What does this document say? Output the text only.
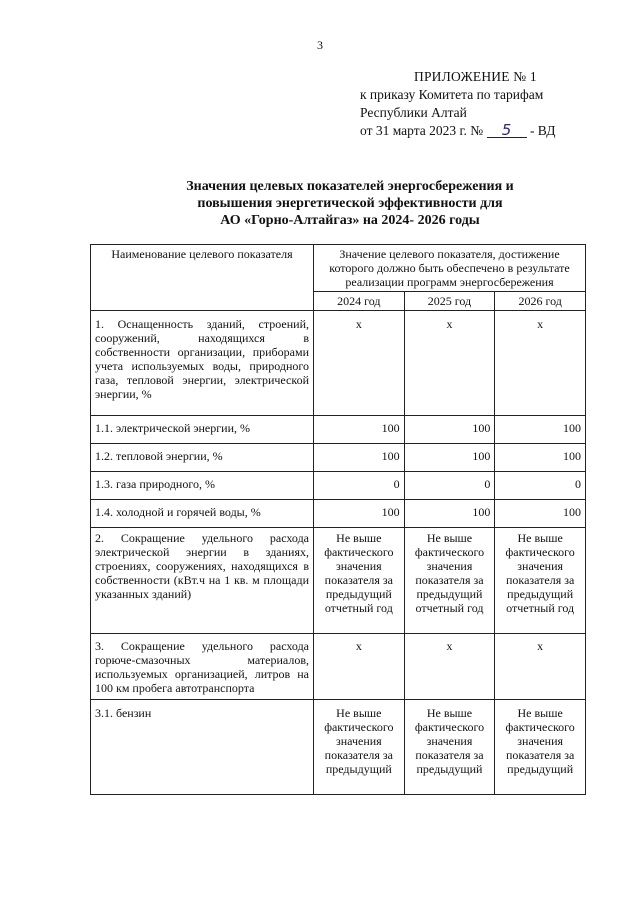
3
ПРИЛОЖЕНИЕ № 1
к приказу Комитета по тарифам
Республики Алтай
от 31 марта 2023 г. № 5 - ВД
Значения целевых показателей энергосбережения и
повышения энергетической эффективности для
АО «Горно-Алтайгаз» на 2024- 2026 годы
Наименование целевого показателя	Значение целевого показателя, достижение которого должно быть обеспечено в результате реализации программ энергосбережения		
	2024 год	2025 год	2026 год
1. Оснащенность зданий, строений, сооружений, находящихся в собственности организации, приборами учета используемых воды, природного газа, тепловой энергии, электрической энергии, %	x	x	x
1.1. электрической энергии, %	100	100	100
1.2. тепловой энергии, %	100	100	100
1.3. газа природного, %	0	0	0
1.4. холодной и горячей воды, %	100	100	100
2. Сокращение удельного расхода электрической энергии в зданиях, строениях, сооружениях, находящихся в собственности (кВт.ч на 1 кв. м площади указанных зданий)	Не выше фактического значения показателя за предыдущий отчетный год	Не выше фактического значения показателя за предыдущий отчетный год	Не выше фактического значения показателя за предыдущий отчетный год
3. Сокращение удельного расхода горюче-смазочных материалов, используемых организацией, литров на 100 км пробега автотранспорта	x	x	x
3.1. бензин	Не выше фактического значения показателя за предыдущий	Не выше фактического значения показателя за предыдущий	Не выше фактического значения показателя за предыдущий
